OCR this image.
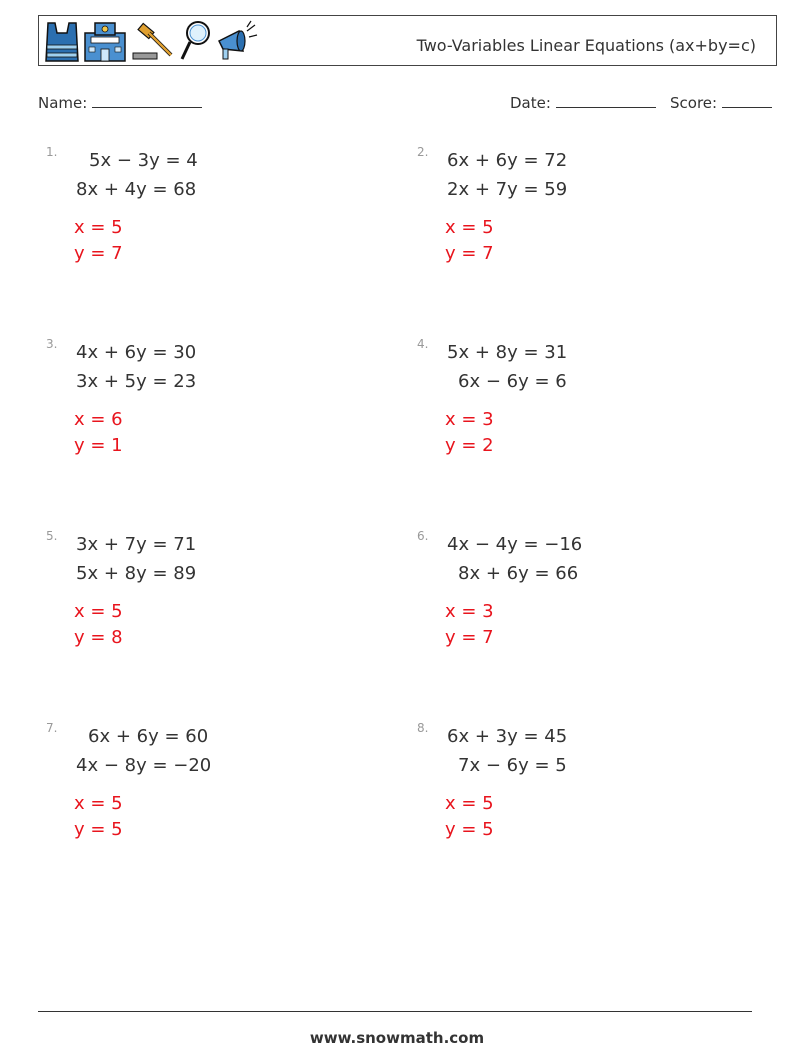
Two-Variables Linear Equations (ax+by=c)
Name:	Date:	Score:
1. 5x − 3y = 4
8x + 4y = 68
x = 5
y = 7
2. 6x + 6y = 72
2x + 7y = 59
x = 5
y = 7
3. 4x + 6y = 30
3x + 5y = 23
x = 6
y = 1
4. 5x + 8y = 31
6x − 6y = 6
x = 3
y = 2
5. 3x + 7y = 71
5x + 8y = 89
x = 5
y = 8
6. 4x − 4y = −16
8x + 6y = 66
x = 3
y = 7
7. 6x + 6y = 60
4x − 8y = −20
x = 5
y = 5
8. 6x + 3y = 45
7x − 6y = 5
x = 5
y = 5
www.snowmath.com
